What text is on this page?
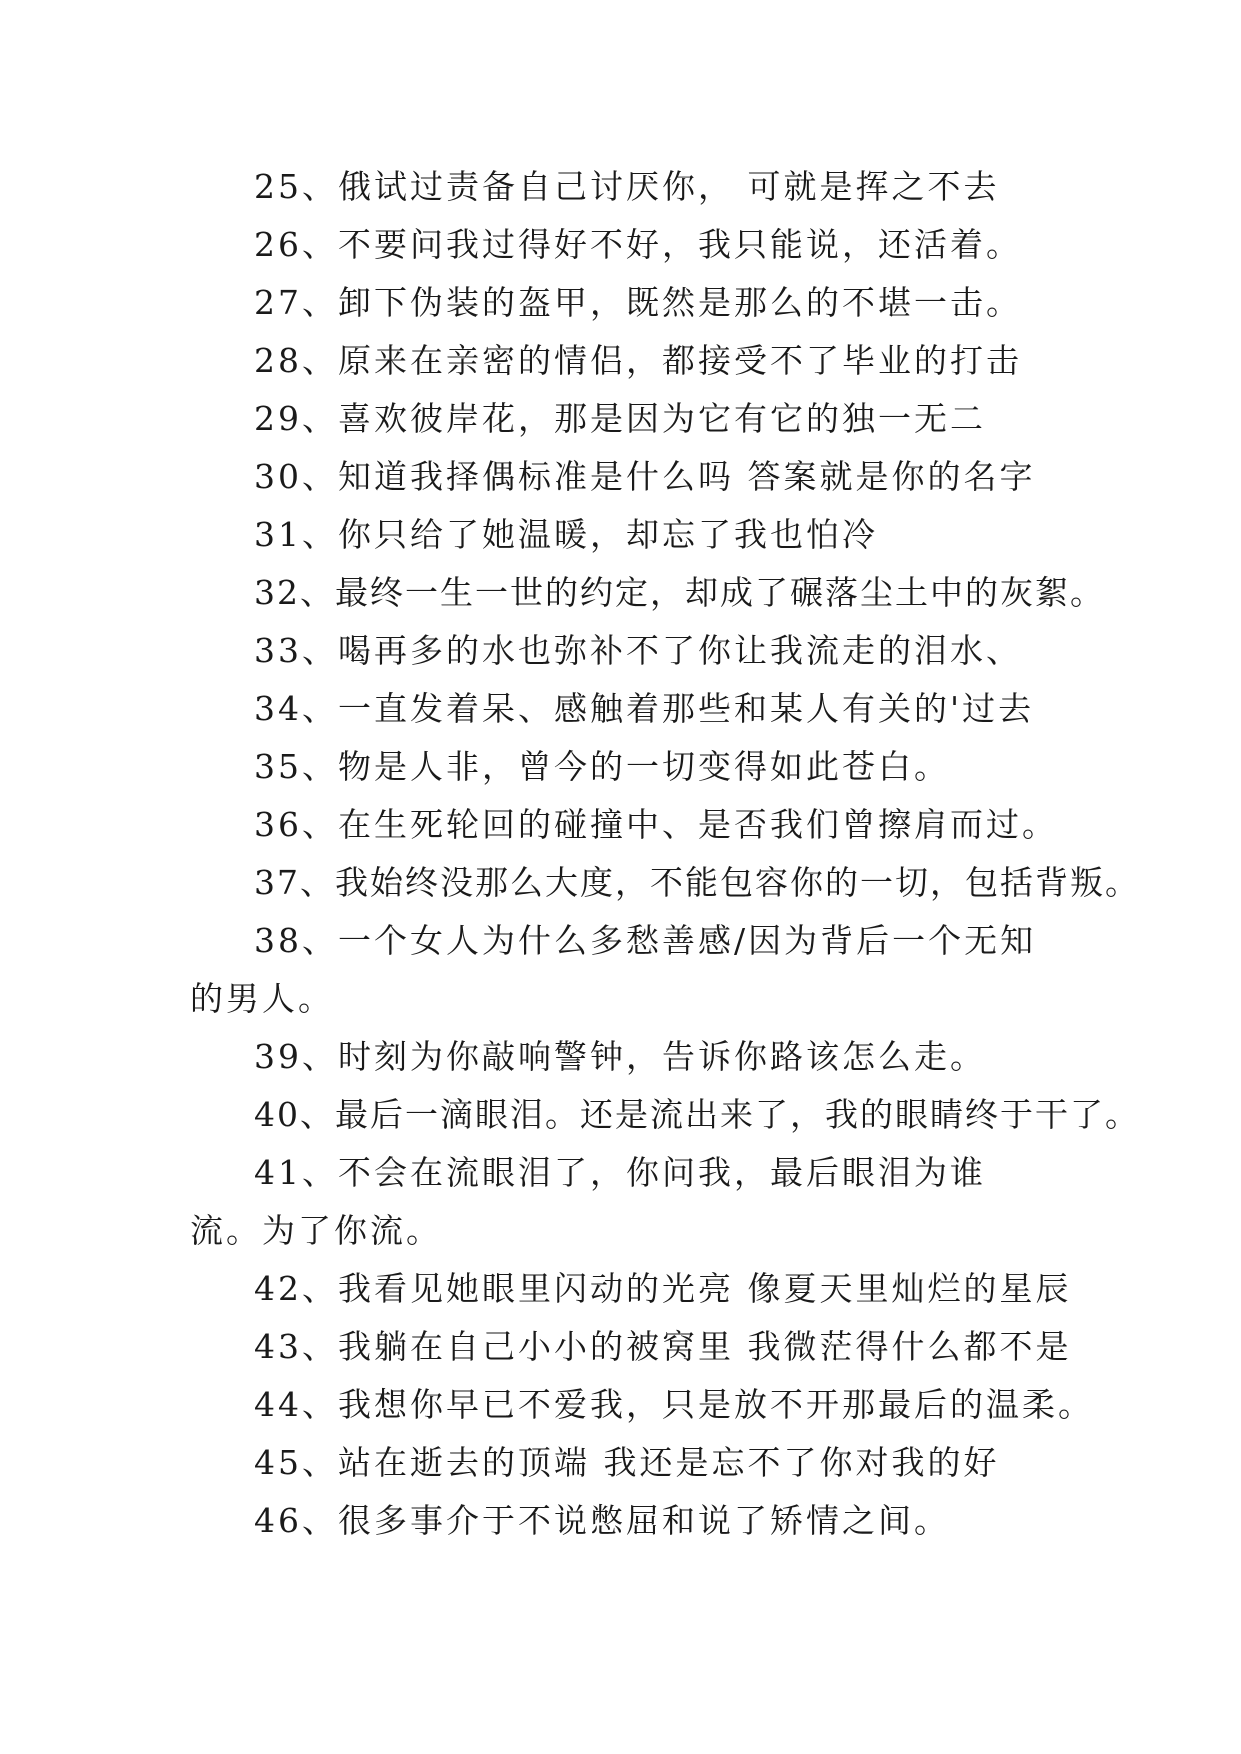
25、俄试过责备自己讨厌你， 可就是挥之不去

26、不要问我过得好不好，我只能说，还活着。

27、卸下伪装的盔甲，既然是那么的不堪一击。

28、原来在亲密的情侣，都接受不了毕业的打击

29、喜欢彼岸花，那是因为它有它的独一无二

30、知道我择偶标准是什么吗 答案就是你的名字

31、你只给了她温暖，却忘了我也怕冷

32、最终一生一世的约定，却成了碾落尘土中的灰絮。

33、喝再多的水也弥补不了你让我流走的泪水、

34、一直发着呆、感触着那些和某人有关的'过去

35、物是人非，曾今的一切变得如此苍白。

36、在生死轮回的碰撞中、是否我们曾擦肩而过。

37、我始终没那么大度，不能包容你的一切，包括背叛。

38、一个女人为什么多愁善感/因为背后一个无知的男人。

39、时刻为你敲响警钟，告诉你路该怎么走。

40、最后一滴眼泪。还是流出来了，我的眼睛终于干了。

41、不会在流眼泪了，你问我，最后眼泪为谁流。为了你流。

42、我看见她眼里闪动的光亮 像夏天里灿烂的星辰

43、我躺在自己小小的被窝里 我微茫得什么都不是

44、我想你早已不爱我，只是放不开那最后的温柔。

45、站在逝去的顶端 我还是忘不了你对我的好

46、很多事介于不说憋屈和说了矫情之间。
